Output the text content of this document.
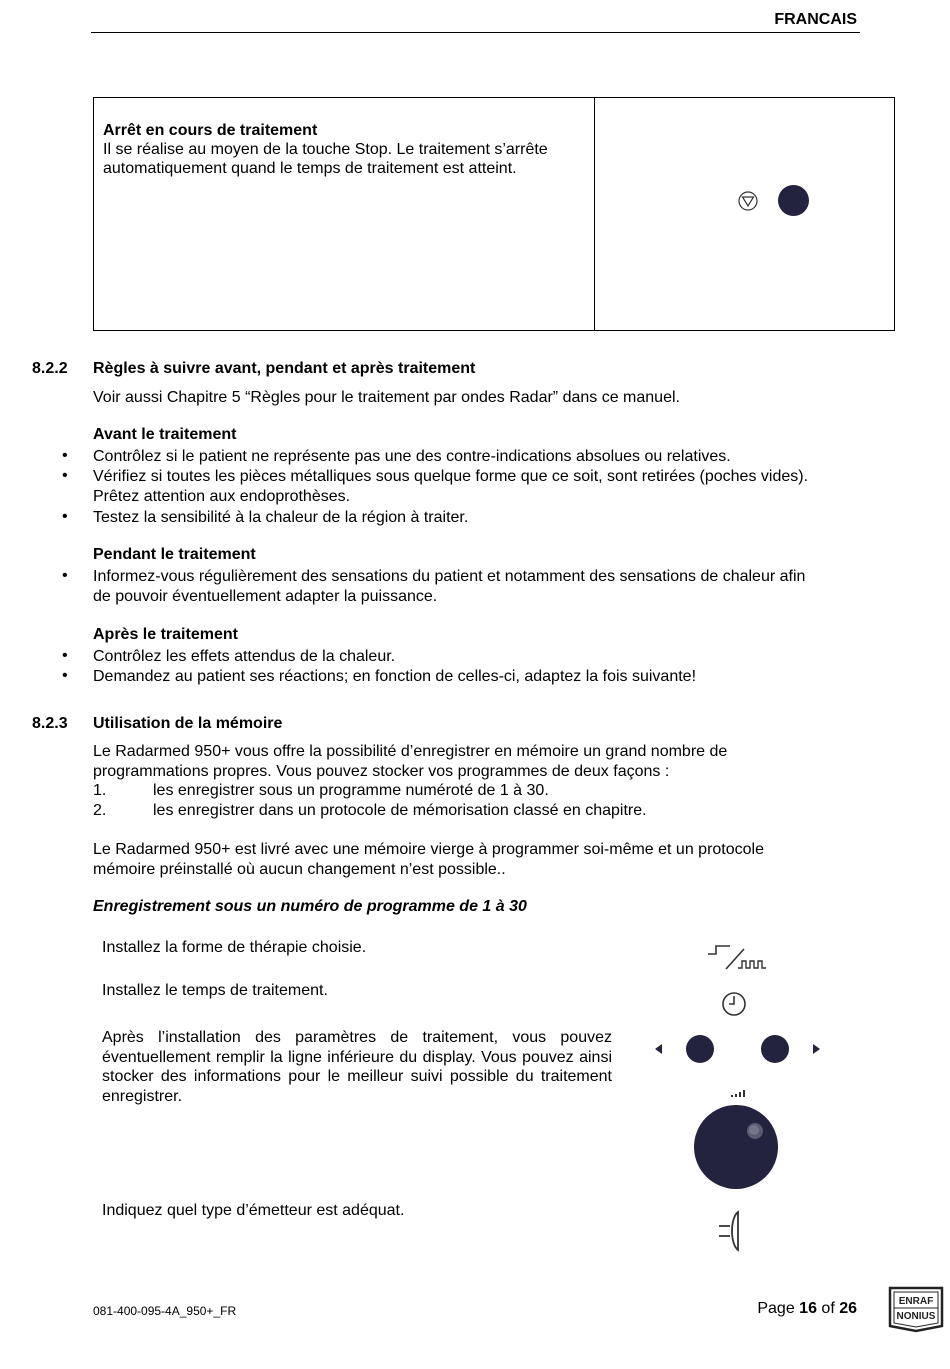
FRANCAIS
Arrêt en cours de traitement
Il se réalise au moyen de la touche Stop. Le traitement s’arrête
automatiquement quand le temps de traitement est atteint.
8.2.2 Règles à suivre avant, pendant et après traitement
Voir aussi Chapitre 5 “Règles pour le traitement par ondes Radar” dans ce manuel.
Avant le traitement
• Contrôlez si le patient ne représente pas une des contre-indications absolues ou relatives.
• Vérifiez si toutes les pièces métalliques sous quelque forme que ce soit, sont retirées (poches vides).
Prêtez attention aux endoprothèses.
• Testez la sensibilité à la chaleur de la région à traiter.
Pendant le traitement
• Informez-vous régulièrement des sensations du patient et notamment des sensations de chaleur afin
de pouvoir éventuellement adapter la puissance.
Après le traitement
• Contrôlez les effets attendus de la chaleur.
• Demandez au patient ses réactions; en fonction de celles-ci, adaptez la fois suivante!
8.2.3 Utilisation de la mémoire
Le Radarmed 950+ vous offre la possibilité d’enregistrer en mémoire un grand nombre de
programmations propres. Vous pouvez stocker vos programmes de deux façons :
1.	les enregistrer sous un programme numéroté de 1 à 30.
2.	les enregistrer dans un protocole de mémorisation classé en chapitre.
Le Radarmed 950+ est livré avec une mémoire vierge à programmer soi-même et un protocole
mémoire préinstallé où aucun changement n’est possible..
Enregistrement sous un numéro de programme de 1 à 30
Installez la forme de thérapie choisie.
Installez le temps de traitement.
Après l’installation des paramètres de traitement, vous pouvez éventuellement remplir la ligne inférieure du display. Vous pouvez ainsi stocker des informations pour le meilleur suivi possible du traitement enregistrer.
Indiquez quel type d’émetteur est adéquat.
081-400-095-4A_950+_FR	Page 16 of 26	ENRAF
NONIUS
